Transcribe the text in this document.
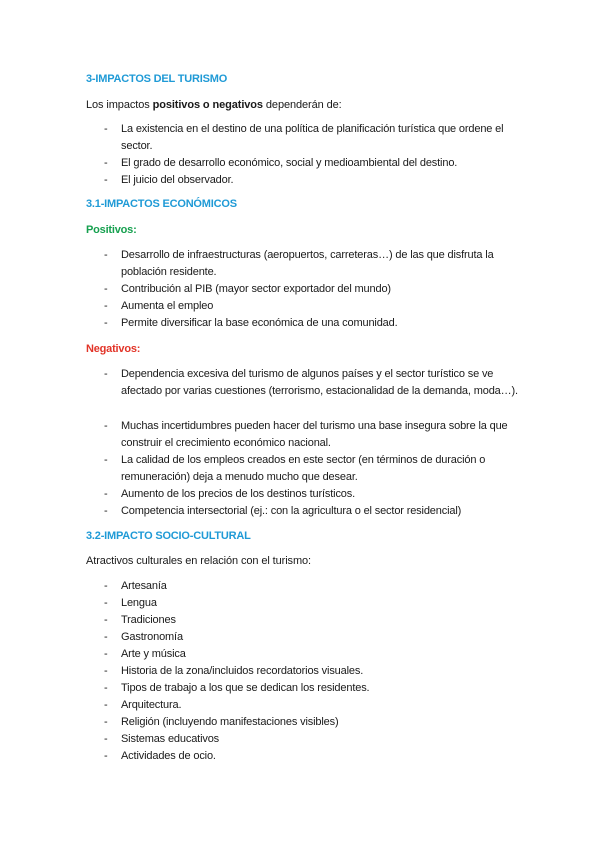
3-IMPACTOS DEL TURISMO
Los impactos positivos o negativos dependerán de:
- La existencia en el destino de una política de planificación turística que ordene el sector.
- El grado de desarrollo económico, social y medioambiental del destino.
- El juicio del observador.
3.1-IMPACTOS ECONÓMICOS
Positivos:
- Desarrollo de infraestructuras (aeropuertos, carreteras…) de las que disfruta la población residente.
- Contribución al PIB (mayor sector exportador del mundo)
- Aumenta el empleo
- Permite diversificar la base económica de una comunidad.
Negativos:
- Dependencia excesiva del turismo de algunos países y el sector turístico se ve afectado por varias cuestiones (terrorismo, estacionalidad de la demanda, moda…).
- Muchas incertidumbres pueden hacer del turismo una base insegura sobre la que construir el crecimiento económico nacional.
- La calidad de los empleos creados en este sector (en términos de duración o remuneración) deja a menudo mucho que desear.
- Aumento de los precios de los destinos turísticos.
- Competencia intersectorial (ej.: con la agricultura o el sector residencial)
3.2-IMPACTO SOCIO-CULTURAL
Atractivos culturales en relación con el turismo:
- Artesanía
- Lengua
- Tradiciones
- Gastronomía
- Arte y música
- Historia de la zona/incluidos recordatorios visuales.
- Tipos de trabajo a los que se dedican los residentes.
- Arquitectura.
- Religión (incluyendo manifestaciones visibles)
- Sistemas educativos
- Actividades de ocio.
